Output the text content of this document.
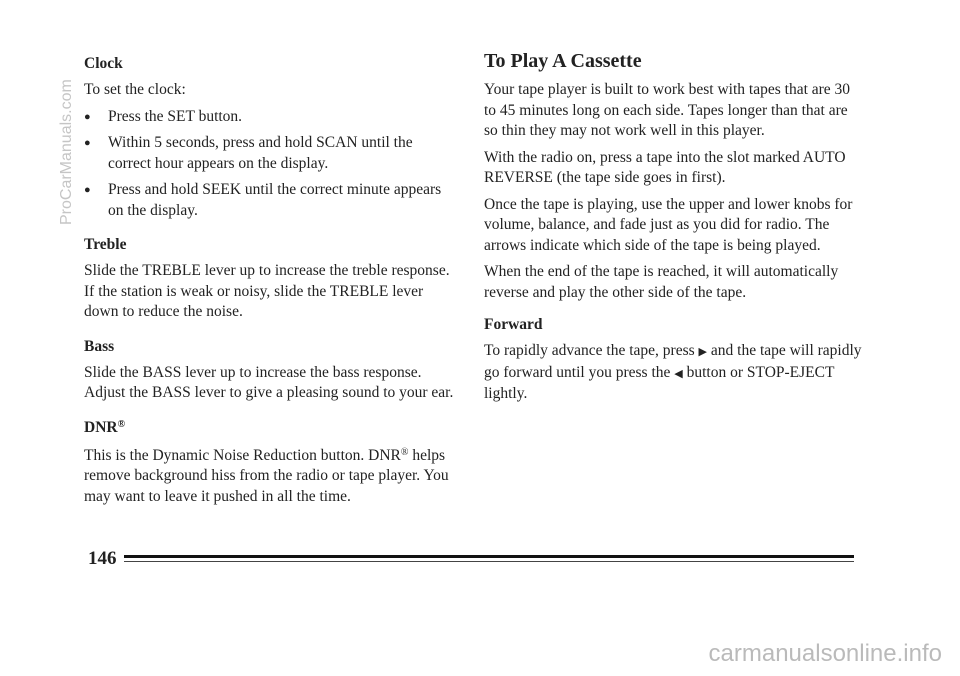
Clock

To set the clock:

●	Press the SET button.

●	Within 5 seconds, press and hold SCAN until the correct hour appears on the display.

●	Press and hold SEEK until the correct minute appears on the display.

Treble

Slide the TREBLE lever up to increase the treble response. If the station is weak or noisy, slide the TREBLE lever down to reduce the noise.

Bass

Slide the BASS lever up to increase the bass response. Adjust the BASS lever to give a pleasing sound to your ear.

DNR®

This is the Dynamic Noise Reduction button. DNR® helps remove background hiss from the radio or tape player. You may want to leave it pushed in all the time.

To Play A Cassette

Your tape player is built to work best with tapes that are 30 to 45 minutes long on each side. Tapes longer than that are so thin they may not work well in this player.

With the radio on, press a tape into the slot marked AUTO REVERSE (the tape side goes in first).

Once the tape is playing, use the upper and lower knobs for volume, balance, and fade just as you did for radio. The arrows indicate which side of the tape is being played.

When the end of the tape is reached, it will automatically reverse and play the other side of the tape.

Forward

To rapidly advance the tape, press ▶ and the tape will rapidly go forward until you press the ◀ button or STOP-EJECT lightly.

146
ProCarManuals.com
carmanualsonline.info
